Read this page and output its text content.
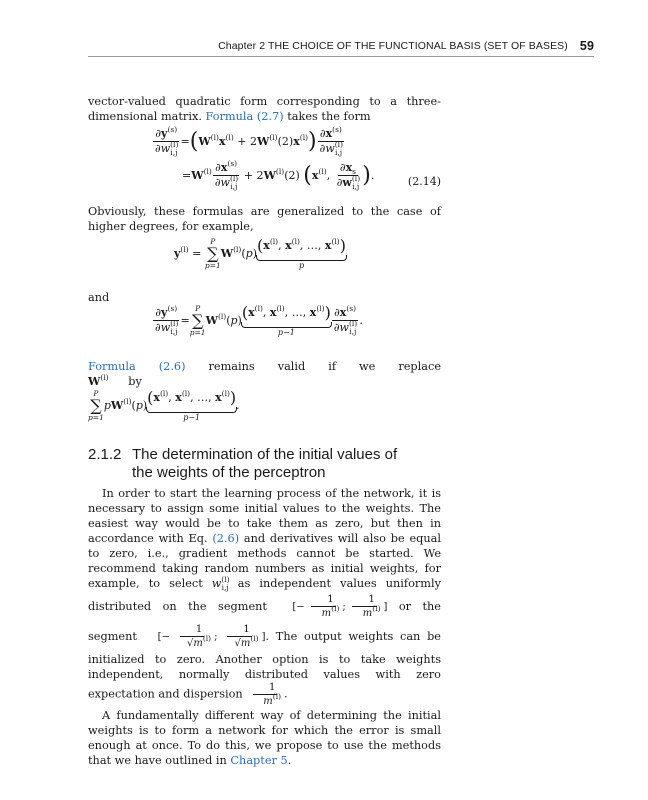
Chapter 2 THE CHOICE OF THE FUNCTIONAL BASIS (SET OF BASES) 59

vector-valued quadratic form corresponding to a three-dimensional matrix. Formula (2.7) takes the form

$\frac{\partial y^{(s)}}{\partial w^{(l)}_{i,j}} =(W^{(l)}x^{(l)} + 2W^{(l)}(2)x^{(l)}) \frac{\partial x^{(s)}}{\partial w^{(l)}_{i,j}}$
$=W^{(l)} \frac{\partial x^{(s)}}{\partial w^{(l)}_{i,j}} + 2W^{(l)}(2)$ ($x^{(l)}$, $\frac{\partial x_s}{\partial w^{(l)}_{i,j}}$ ).	(2.14)

Obviously, these formulas are generalized to the case of higher degrees, for example,

$y^{(l)}$ =
P
∑
p=1
$W^{(l)}(p)$ ($x^{(l)}$, $x^{(l)}$, …, $x^{(l)}$)
p

and

$\frac{\partial y^{(s)}}{\partial w^{(l)}_{i,j}}$ =
P
∑
p=1
$W^{(l)}(p)$ ($x^{(l)}$, $x^{(l)}$, …, $x^{(l)}$)
p−1	$\frac{\partial x^{(s)}}{\partial w^{(l)}_{i,j}}$ .

Formula (2.6) remains valid if we replace $W^{(l)}$ by

P
∑
p=1
$pW^{(l)}(p)$ ($x^{(l)}$, $x^{(l)}$, …, $x^{(l)}$)
p−1
.
2.1.2 The determination of the initial values of the weights of the perceptron

In order to start the learning process of the network, it is necessary to assign some initial values to the weights. The easiest way would be to take them as zero, but then in accordance with Eq. (2.6) and derivatives will also be equal to zero, i.e., gradient methods cannot be started. We recommend taking random numbers as initial weights, for example, to select $w^{(l)}_{i,j}$ as independent values uniformly distributed on the segment [− $\frac{1}{m^{(l)}}$ ; $\frac{1}{m^{(l)}}$ ] or the segment [− $\frac{1}{√m^{(l)}}$ ; $\frac{1}{√m^{(l)}}$ ]. The output weights can be initialized to zero. Another option is to take weights independent, normally distributed values with zero expectation and dispersion $\frac{1}{m^{(l)}}$ .

A fundamentally different way of determining the initial weights is to form a network for which the error is small enough at once. To do this, we propose to use the methods that we have outlined in Chapter 5.
